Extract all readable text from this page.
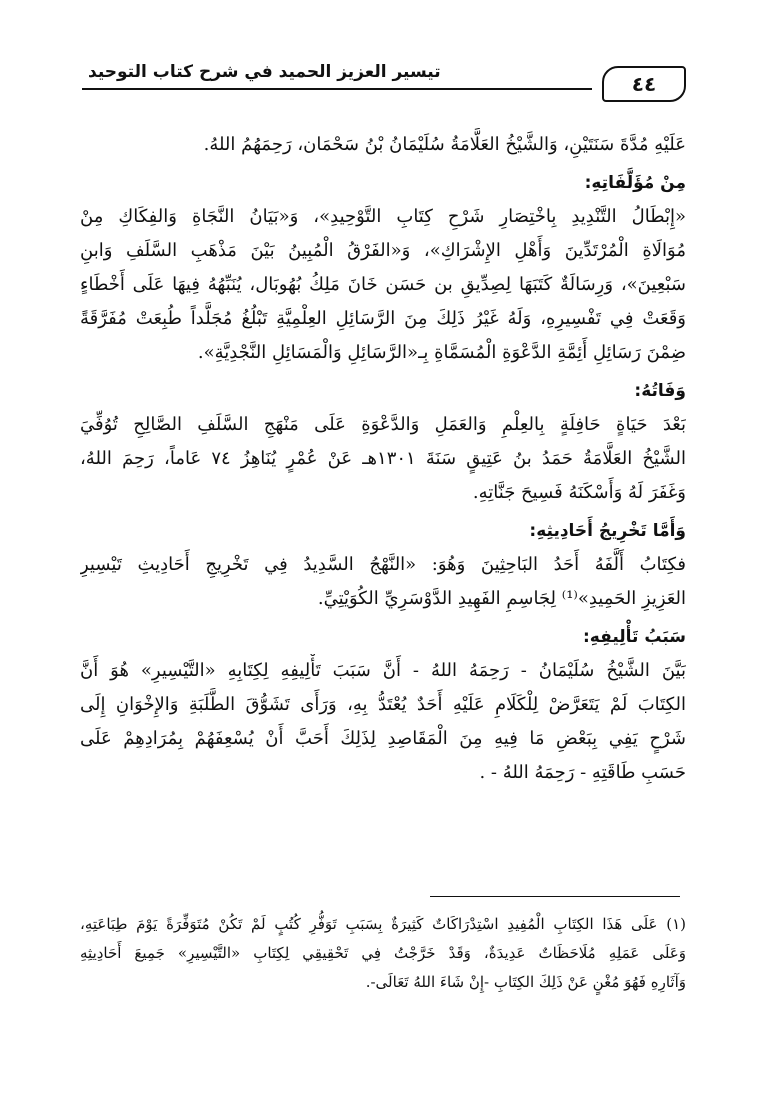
تيسير العزيز الحميد في شرح كتاب التوحيد	٤٤
عَلَيْهِ مُدَّةَ سَنَتَيْنِ، وَالشَّيْخُ العَلَّامَةُ سُلَيْمَانُ بْنُ سَحْمَان، رَحِمَهُمُ اللهُ.
مِنْ مُؤَلَّفَاتِهِ:
«إِبْطَالُ التَّنْدِيدِ بِاخْتِصَارِ شَرْحِ كِتَابِ التَّوْحِيدِ»، وَ«بَيَانُ النَّجَاةِ وَالفِكَاكِ مِنْ
مُوَالَاةِ الْمُرْتَدِّينَ وَأَهْلِ الإِشْرَاكِ»، وَ«الفَرْقُ الْمُبِينُ بَيْنَ مَذْهَبِ السَّلَفِ وَابنِ
سَبْعِينَ»، وَرِسَالَةٌ كَتَبَهَا لِصِدِّيقِ بن حَسَن خَانَ مَلِكُ بُهُوبَال، يُنَبِّهُهُ فِيهَا عَلَى أَخْطَاءٍ
وَقَعَتْ فِي تَفْسِيرِهِ، وَلَهُ غَيْرُ ذَلِكَ مِنَ الرَّسَائِلِ العِلْمِيَّةِ تَبْلُغُ مُجَلَّداً طُبِعَتْ مُفَرَّقَةً
ضِمْنَ رَسَائِلِ أَئِمَّةِ الدَّعْوَةِ الْمُسَمَّاةِ بِـ«الرَّسَائِلِ وَالْمَسَائِلِ النَّجْدِيَّةِ».
وَفَاتُهُ:
بَعْدَ حَيَاةٍ حَافِلَةٍ بِالعِلْمِ وَالعَمَلِ وَالدَّعْوَةِ عَلَى مَنْهَجِ السَّلَفِ الصَّالِحِ تُوُفِّيَ
الشَّيْخُ العَلَّامَةُ حَمَدُ بنُ عَتِيقٍ سَنَةَ ١٣٠١هـ عَنْ عُمْرٍ يُنَاهِزُ ٧٤ عَاماً، رَحِمَ اللهُ،
وَغَفَرَ لَهُ وَأَسْكَنَهُ فَسِيحَ جَنَّاتِهِ.
وَأَمَّا تَخْرِيجُ أَحَادِيثِهِ:
فكِتَابُ أَلَّفَهُ أَحَدُ البَاحِثِينَ وَهُوَ: «النَّهْجُ السَّدِيدُ فِي تَخْرِيجِ أَحَادِيثِ تَيْسِيرِ
العَزِيزِ الحَمِيدِ»⁽¹⁾ لِجَاسِمِ الفَهِيدِ الدَّوْسَرِيِّ الكُوَيْتِيِّ.
سَبَبُ تَأْلِيفِهِ:
بَيَّنَ الشَّيْخُ سُلَيْمَانُ - رَحِمَهُ اللهُ - أَنَّ سَبَبَ تَأْلِيفِهِ لِكِتَابِهِ «التَّيْسِيرِ» هُوَ أَنَّ
الكِتَابَ لَمْ يَتَعَرَّضْ لِلْكَلَامِ عَلَيْهِ أَحَدٌ يُعْتَدُّ بِهِ، وَرَأَى تَشَوُّقَ الطَّلَبَةِ وَالإِخْوَانِ إِلَى
شَرْحٍ يَفِي بِبَعْضِ مَا فِيهِ مِنَ الْمَقَاصِدِ لِذَلِكَ أَحَبَّ أَنْ يُسْعِفَهُمْ بِمُرَادِهِمْ عَلَى
حَسَبِ طَاقَتِهِ - رَحِمَهُ اللهُ - .
(١) عَلَى هَذَا الكِتَابِ الْمُفِيدِ اسْتِدْرَاكَاتٌ كَثِيرَةٌ بِسَبَبِ تَوَفُّرِ كُتُبٍ لَمْ تَكُنْ مُتَوَفِّرَةً يَوْمَ طِبَاعَتِهِ،
وَعَلَى عَمَلِهِ مُلَاحَظَاتٌ عَدِيدَةٌ، وَقَدْ خَرَّجْتُ فِي تَحْقِيقِي لِكِتَابِ «التَّيْسِيرِ» جَمِيعَ أَحَادِيثِهِ
وَآثَارِهِ فَهُوَ مُغْنٍ عَنْ ذَلِكَ الكِتَابِ -إِنْ شَاءَ اللهُ تَعَالَى-.
